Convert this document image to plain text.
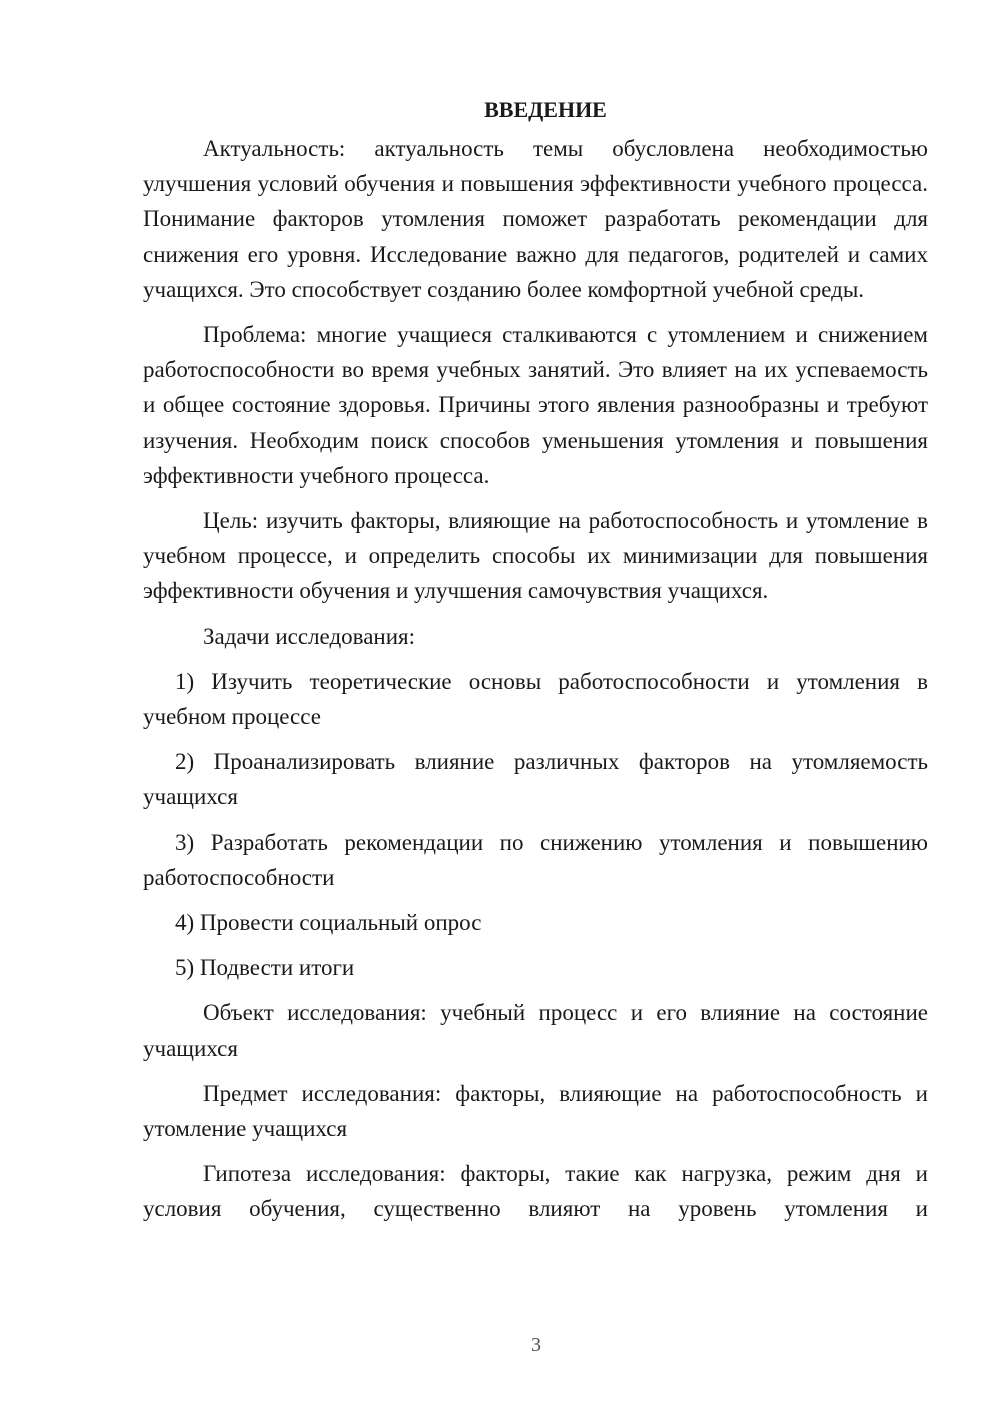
ВВЕДЕНИЕ

Актуальность: актуальность темы обусловлена необходимостью улучшения условий обучения и повышения эффективности учебного процесса. Понимание факторов утомления поможет разработать рекомендации для снижения его уровня. Исследование важно для педагогов, родителей и самих учащихся. Это способствует созданию более комфортной учебной среды.

Проблема: многие учащиеся сталкиваются с утомлением и снижением работоспособности во время учебных занятий. Это влияет на их успеваемость и общее состояние здоровья. Причины этого явления разнообразны и требуют изучения. Необходим поиск способов уменьшения утомления и повышения эффективности учебного процесса.

Цель: изучить факторы, влияющие на работоспособность и утомление в учебном процессе, и определить способы их минимизации для повышения эффективности обучения и улучшения самочувствия учащихся.

Задачи исследования:

1) Изучить теоретические основы работоспособности и утомления в учебном процессе

2) Проанализировать влияние различных факторов на утомляемость учащихся

3) Разработать рекомендации по снижению утомления и повышению работоспособности

4) Провести социальный опрос

5) Подвести итоги

Объект исследования: учебный процесс и его влияние на состояние учащихся

Предмет исследования: факторы, влияющие на работоспособность и утомление учащихся

Гипотеза исследования: факторы, такие как нагрузка, режим дня и условия обучения, существенно влияют на уровень утомления и

3
